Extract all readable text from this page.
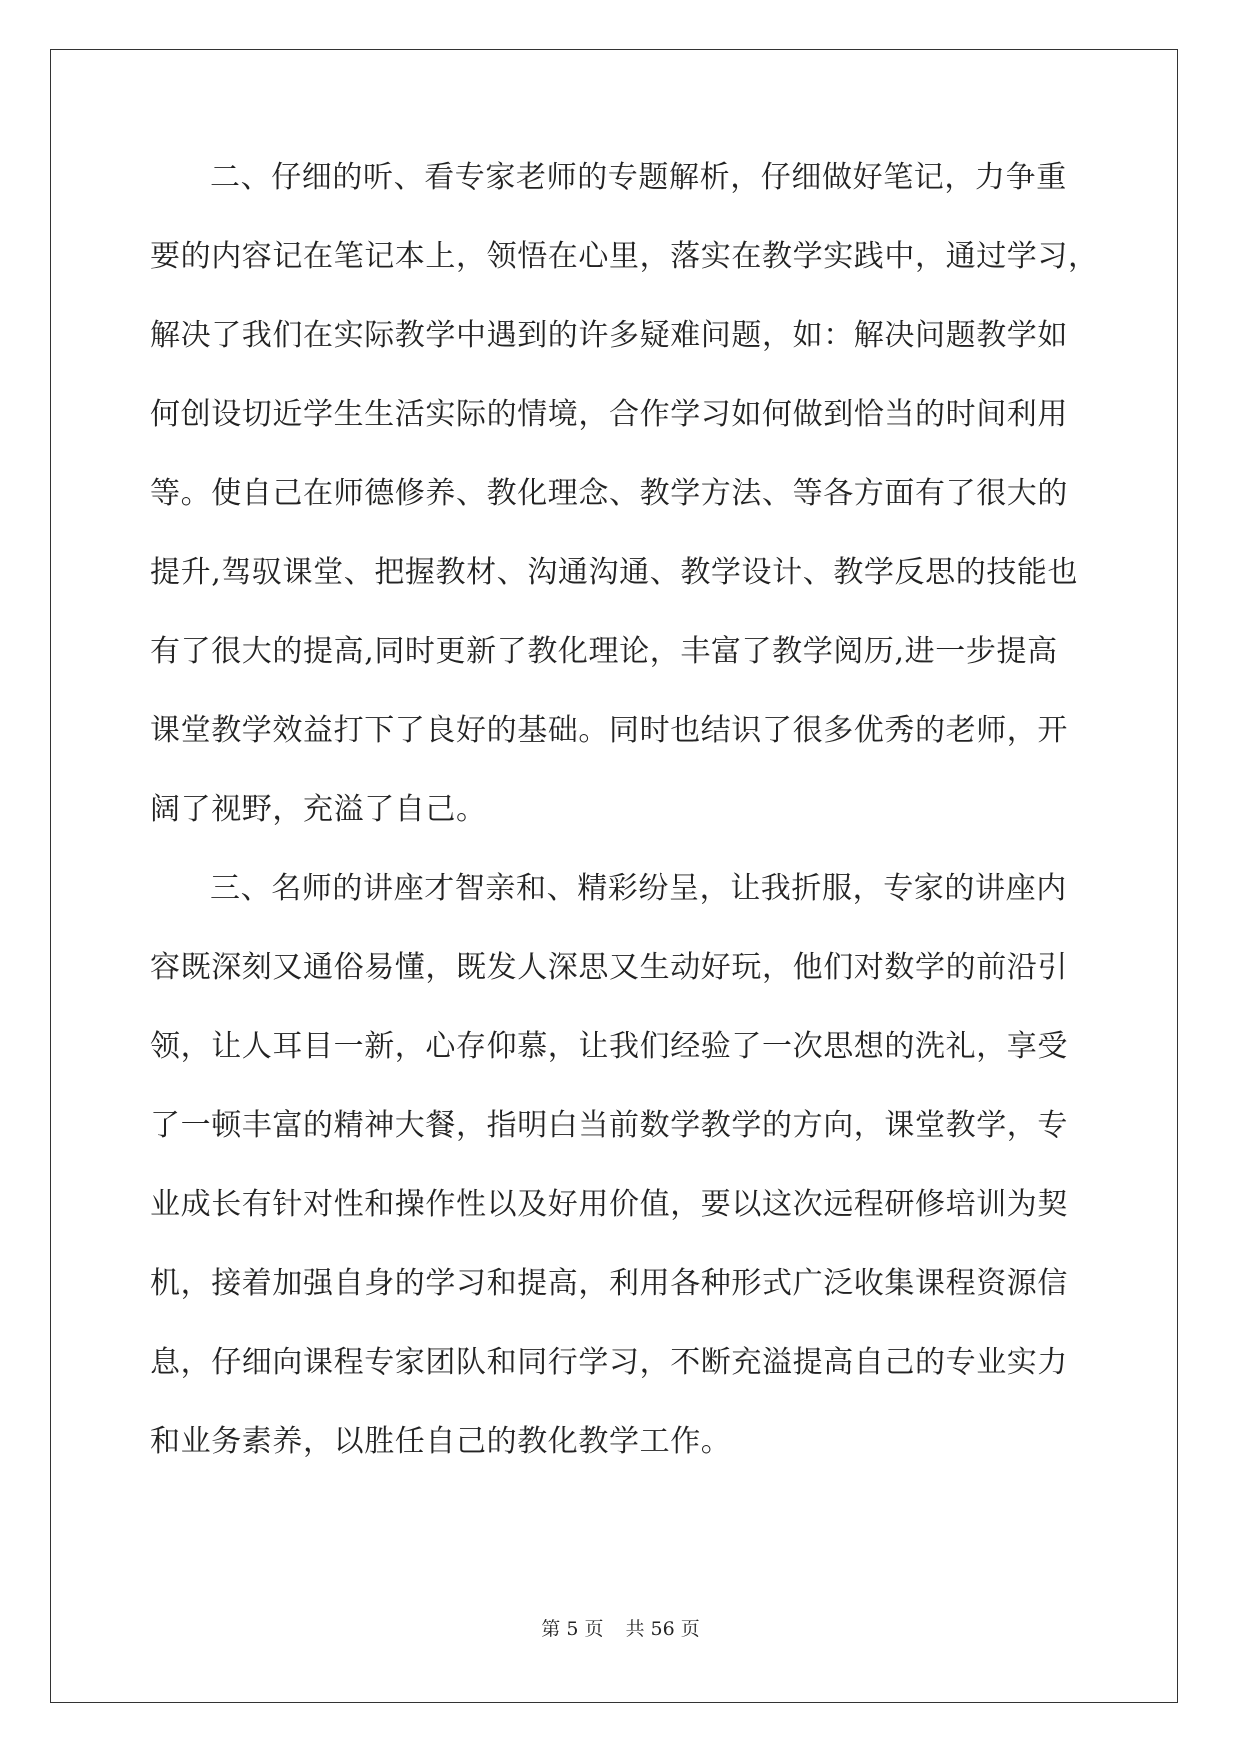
二、仔细的听、看专家老师的专题解析，仔细做好笔记，力争重
要的内容记在笔记本上，领悟在心里，落实在教学实践中，通过学习，
解决了我们在实际教学中遇到的许多疑难问题，如：解决问题教学如
何创设切近学生生活实际的情境，合作学习如何做到恰当的时间利用
等。使自己在师德修养、教化理念、教学方法、等各方面有了很大的
提升,驾驭课堂、把握教材、沟通沟通、教学设计、教学反思的技能也
有了很大的提高,同时更新了教化理论，丰富了教学阅历,进一步提高
课堂教学效益打下了良好的基础。同时也结识了很多优秀的老师，开
阔了视野，充溢了自己。
三、名师的讲座才智亲和、精彩纷呈，让我折服，专家的讲座内
容既深刻又通俗易懂，既发人深思又生动好玩，他们对数学的前沿引
领，让人耳目一新，心存仰慕，让我们经验了一次思想的洗礼，享受
了一顿丰富的精神大餐，指明白当前数学教学的方向，课堂教学，专
业成长有针对性和操作性以及好用价值，要以这次远程研修培训为契
机，接着加强自身的学习和提高，利用各种形式广泛收集课程资源信
息，仔细向课程专家团队和同行学习，不断充溢提高自己的专业实力
和业务素养，以胜任自己的教化教学工作。
第 5 页 共 56 页
